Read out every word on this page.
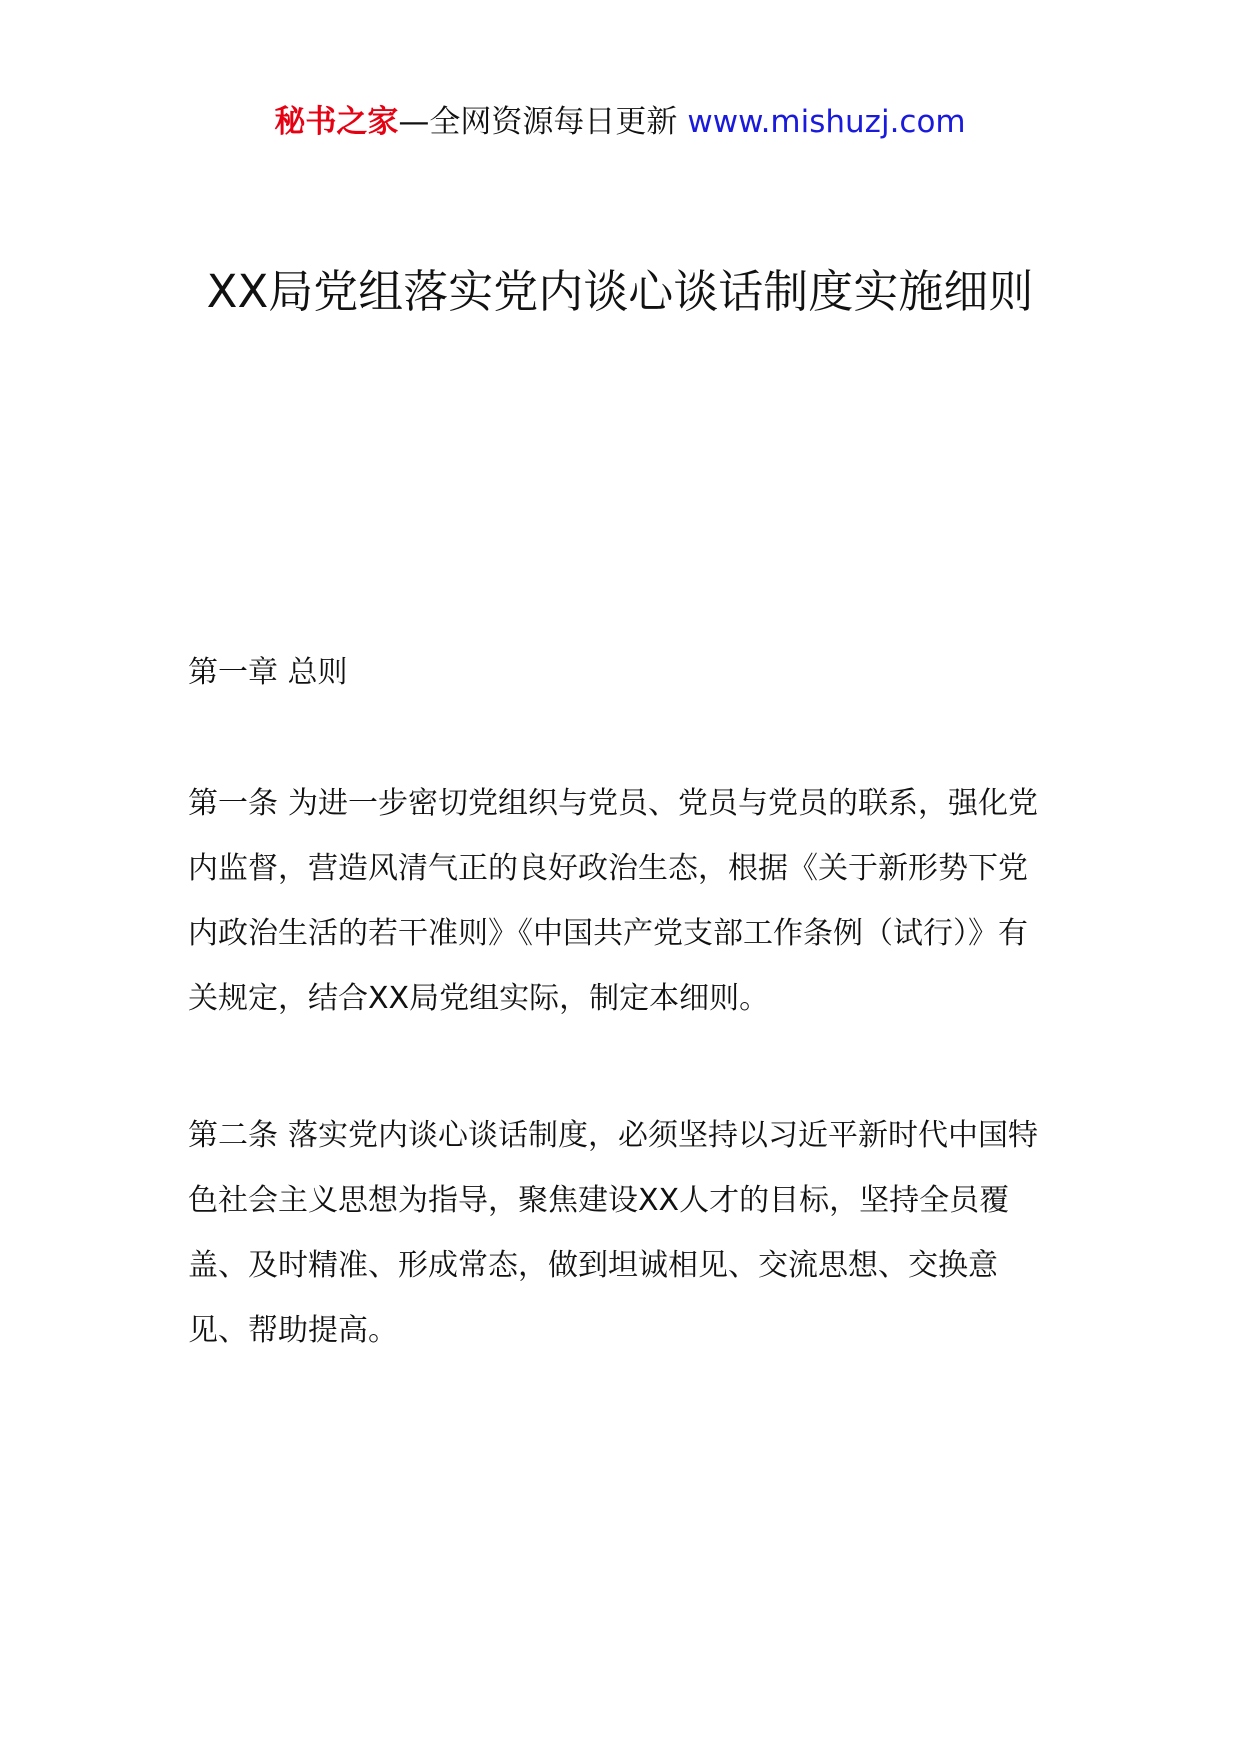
秘书之家—全网资源每日更新 www.mishuzj.com
XX局党组落实党内谈心谈话制度实施细则

第一章 总则

第一条 为进一步密切党组织与党员、党员与党员的联系，强化党内监督，营造风清气正的良好政治生态，根据《关于新形势下党内政治生活的若干准则》《中国共产党支部工作条例（试行）》有关规定，结合XX局党组实际，制定本细则。

第二条 落实党内谈心谈话制度，必须坚持以习近平新时代中国特色社会主义思想为指导，聚焦建设XX人才的目标，坚持全员覆盖、及时精准、形成常态，做到坦诚相见、交流思想、交换意见、帮助提高。
